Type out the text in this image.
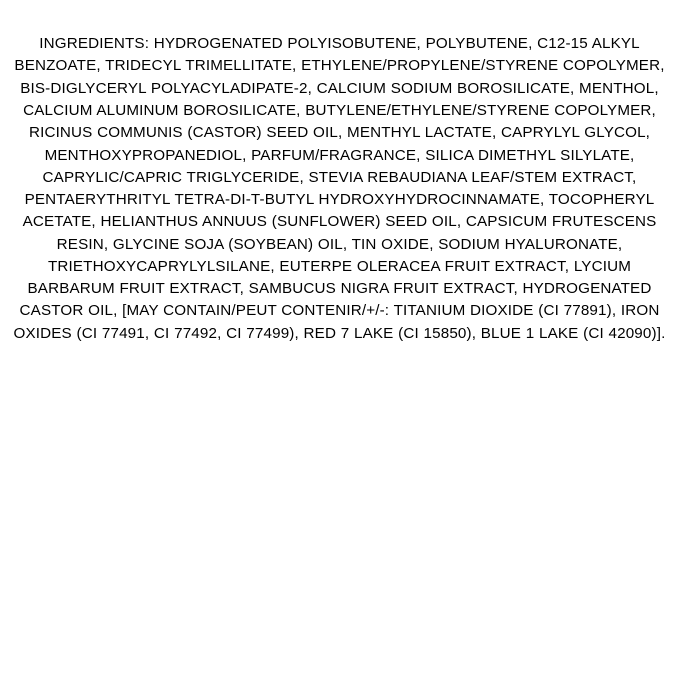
INGREDIENTS: HYDROGENATED POLYISOBUTENE, POLYBUTENE, C12-15 ALKYL BENZOATE, TRIDECYL TRIMELLITATE, ETHYLENE/PROPYLENE/STYRENE COPOLYMER, BIS-DIGLYCERYL POLYACYLADIPATE-2, CALCIUM SODIUM BOROSILICATE, MENTHOL, CALCIUM ALUMINUM BOROSILICATE, BUTYLENE/ETHYLENE/STYRENE COPOLYMER, RICINUS COMMUNIS (CASTOR) SEED OIL, MENTHYL LACTATE, CAPRYLYL GLYCOL, MENTHOXYPROPANEDIOL, PARFUM/FRAGRANCE, SILICA DIMETHYL SILYLATE, CAPRYLIC/CAPRIC TRIGLYCERIDE, STEVIA REBAUDIANA LEAF/STEM EXTRACT, PENTAERYTHRITYL TETRA-DI-T-BUTYL HYDROXYHYDROCINNAMATE, TOCOPHERYL ACETATE, HELIANTHUS ANNUUS (SUNFLOWER) SEED OIL, CAPSICUM FRUTESCENS RESIN, GLYCINE SOJA (SOYBEAN) OIL, TIN OXIDE, SODIUM HYALURONATE, TRIETHOXYCAPRYLYLSILANE, EUTERPE OLERACEA FRUIT EXTRACT, LYCIUM BARBARUM FRUIT EXTRACT, SAMBUCUS NIGRA FRUIT EXTRACT, HYDROGENATED CASTOR OIL, [MAY CONTAIN/PEUT CONTENIR/+/-: TITANIUM DIOXIDE (CI 77891), IRON OXIDES (CI 77491, CI 77492, CI 77499), RED 7 LAKE (CI 15850), BLUE 1 LAKE (CI 42090)].
